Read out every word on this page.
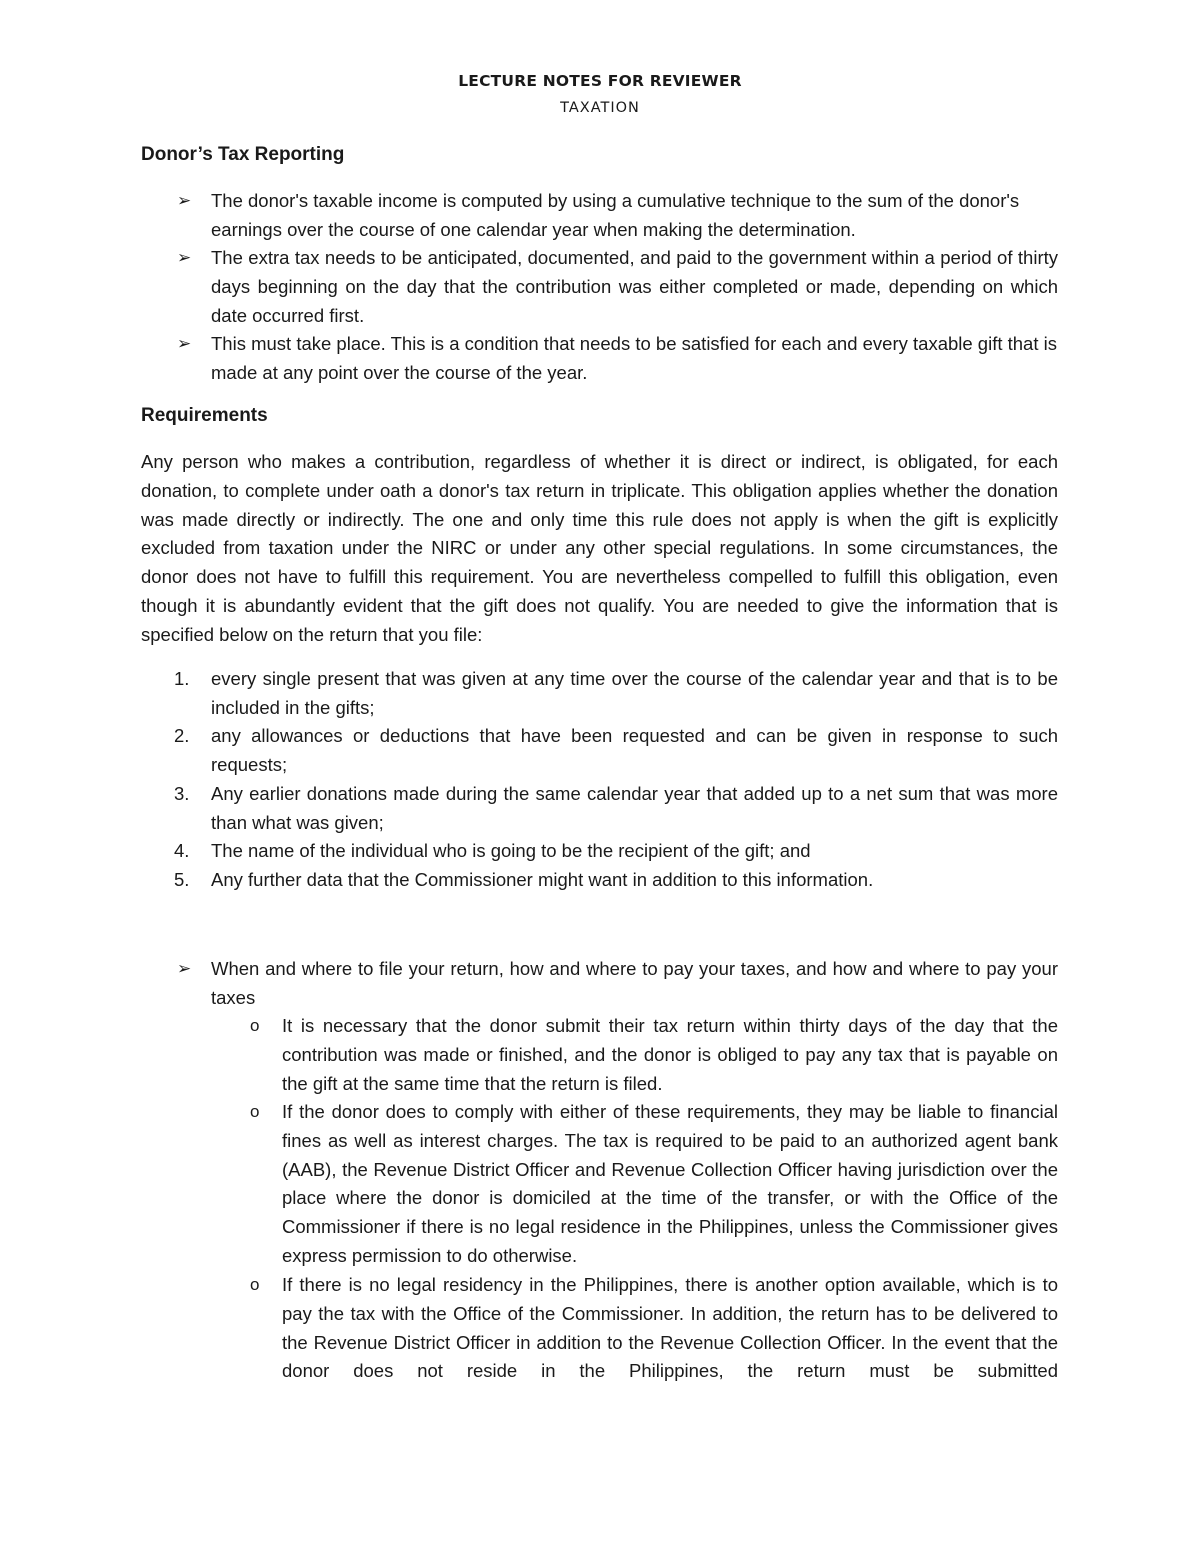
LECTURE NOTES FOR REVIEWER
TAXATION
Donor’s Tax Reporting
➢ The donor's taxable income is computed by using a cumulative technique to the sum of the donor's earnings over the course of one calendar year when making the determination.
➢ The extra tax needs to be anticipated, documented, and paid to the government within a period of thirty days beginning on the day that the contribution was either completed or made, depending on which date occurred first.
➢ This must take place. This is a condition that needs to be satisfied for each and every taxable gift that is made at any point over the course of the year.
Requirements
Any person who makes a contribution, regardless of whether it is direct or indirect, is obligated, for each donation, to complete under oath a donor's tax return in triplicate. This obligation applies whether the donation was made directly or indirectly. The one and only time this rule does not apply is when the gift is explicitly excluded from taxation under the NIRC or under any other special regulations. In some circumstances, the donor does not have to fulfill this requirement. You are nevertheless compelled to fulfill this obligation, even though it is abundantly evident that the gift does not qualify. You are needed to give the information that is specified below on the return that you file:
1. every single present that was given at any time over the course of the calendar year and that is to be included in the gifts;
2. any allowances or deductions that have been requested and can be given in response to such requests;
3. Any earlier donations made during the same calendar year that added up to a net sum that was more than what was given;
4. The name of the individual who is going to be the recipient of the gift; and
5. Any further data that the Commissioner might want in addition to this information.
➢ When and where to file your return, how and where to pay your taxes, and how and where to pay your taxes
o It is necessary that the donor submit their tax return within thirty days of the day that the contribution was made or finished, and the donor is obliged to pay any tax that is payable on the gift at the same time that the return is filed.
o If the donor does to comply with either of these requirements, they may be liable to financial fines as well as interest charges. The tax is required to be paid to an authorized agent bank (AAB), the Revenue District Officer and Revenue Collection Officer having jurisdiction over the place where the donor is domiciled at the time of the transfer, or with the Office of the Commissioner if there is no legal residence in the Philippines, unless the Commissioner gives express permission to do otherwise.
o If there is no legal residency in the Philippines, there is another option available, which is to pay the tax with the Office of the Commissioner. In addition, the return has to be delivered to the Revenue District Officer in addition to the Revenue Collection Officer. In the event that the donor does not reside in the Philippines, the return must be submitted
